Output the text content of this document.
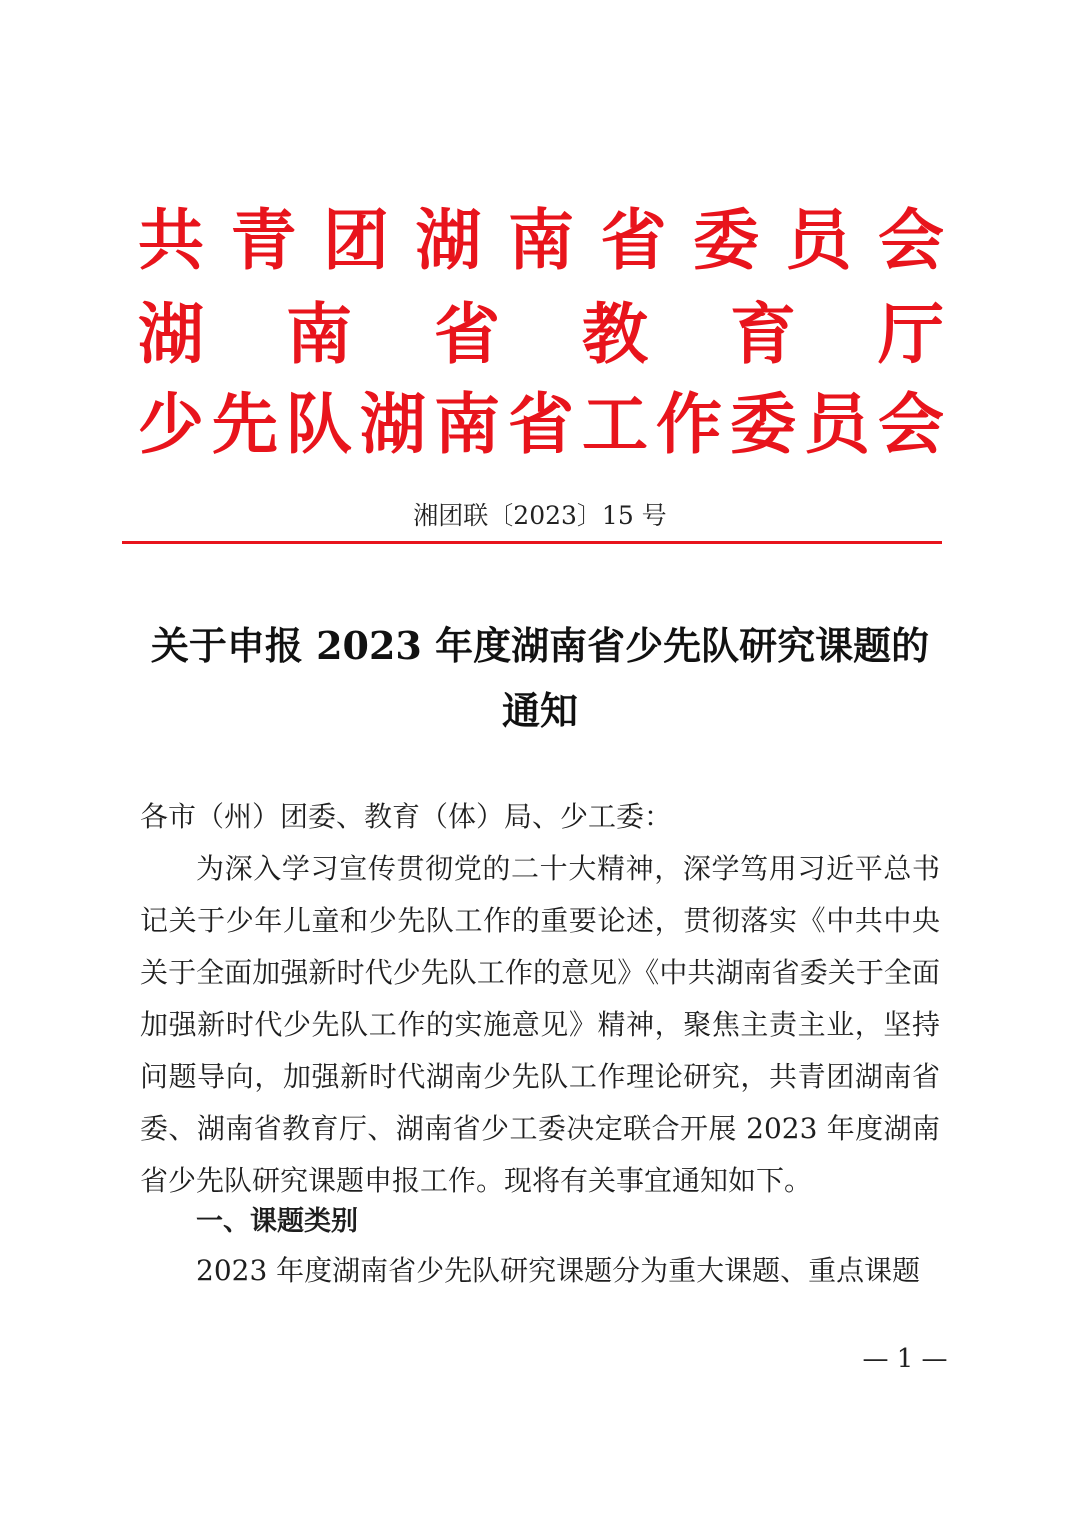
共 青 团 湖 南 省 委 员 会
湖 南 省 教 育 厅
少 先 队 湖 南 省 工 作 委 员 会
湘团联〔2023〕15 号
关于申报 2023 年度湖南省少先队研究课题的
通知
各市（州）团委、教育（体）局、少工委：
为深入学习宣传贯彻党的二十大精神，深学笃用习近平总书记关于少年儿童和少先队工作的重要论述，贯彻落实《中共中央关于全面加强新时代少先队工作的意见》《中共湖南省委关于全面加强新时代少先队工作的实施意见》精神，聚焦主责主业，坚持问题导向，加强新时代湖南少先队工作理论研究，共青团湖南省委、湖南省教育厅、湖南省少工委决定联合开展 2023 年度湖南省少先队研究课题申报工作。现将有关事宜通知如下。
一、课题类别
2023 年度湖南省少先队研究课题分为重大课题、重点课题
— 1 —
